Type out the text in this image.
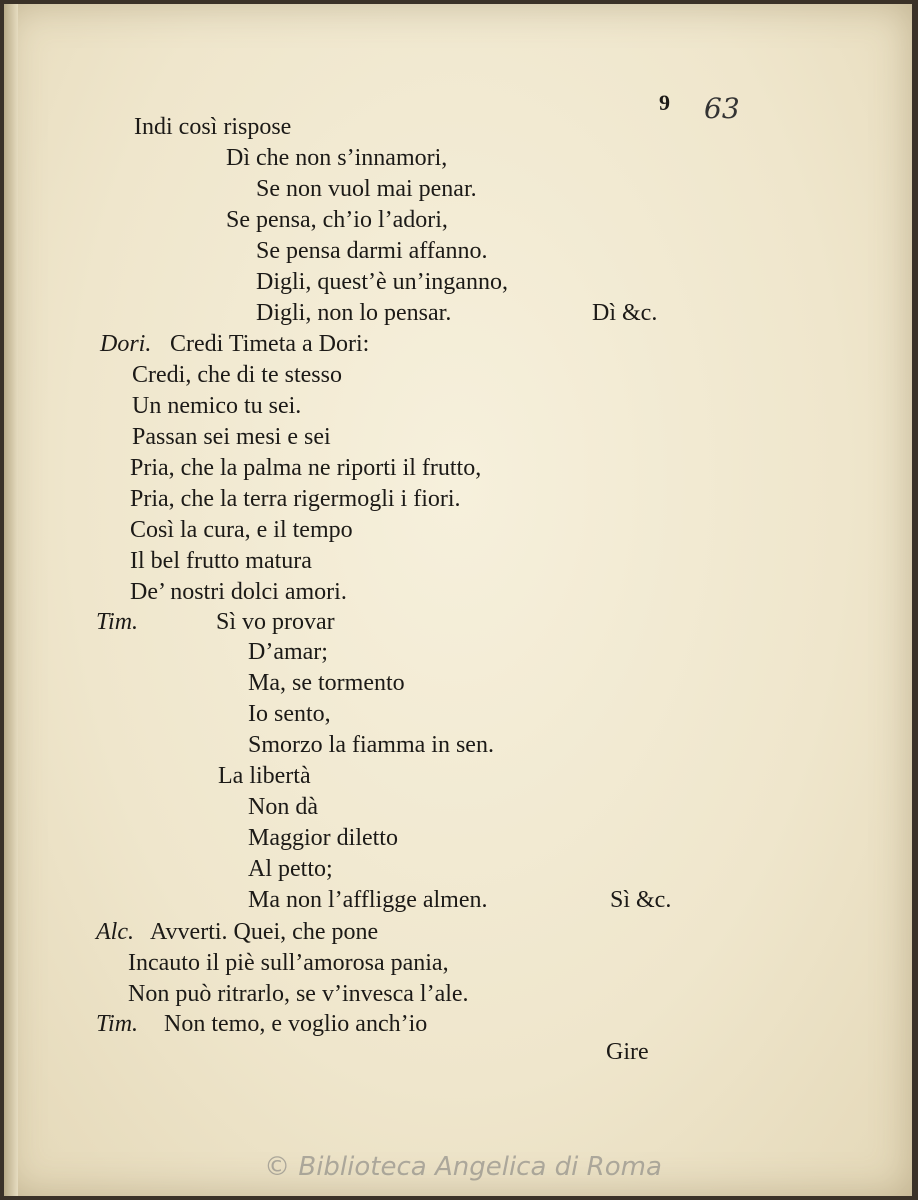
9 63
Dori.
Tim.
Alc.
Tim.
Indi così rispose
Dì che non s’innamori,
Se non vuol mai penar.
Se pensa, ch’io l’adori,
Se pensa darmi affanno.
Digli, quest’è un’inganno,
Digli, non lo pensar.	Dì &c.
Credi Timeta a Dori:
Credi, che di te stesso
Un nemico tu sei.
Passan sei mesi e sei
Pria, che la palma ne riporti il frutto,
Pria, che la terra rigermogli i fiori.
Così la cura, e il tempo
Il bel frutto matura
De’ nostri dolci amori.
Sì vo provar
D’amar;
Ma, se tormento
Io sento,
Smorzo la fiamma in sen.
La libertà
Non dà
Maggior diletto
Al petto;
Ma non l’affligge almen.	Sì &c.
Avverti. Quei, che pone
Incauto il piè sull’amorosa pania,
Non può ritrarlo, se v’invesca l’ale.
Non temo, e voglio anch’io
Gire
© Biblioteca Angelica di Roma
